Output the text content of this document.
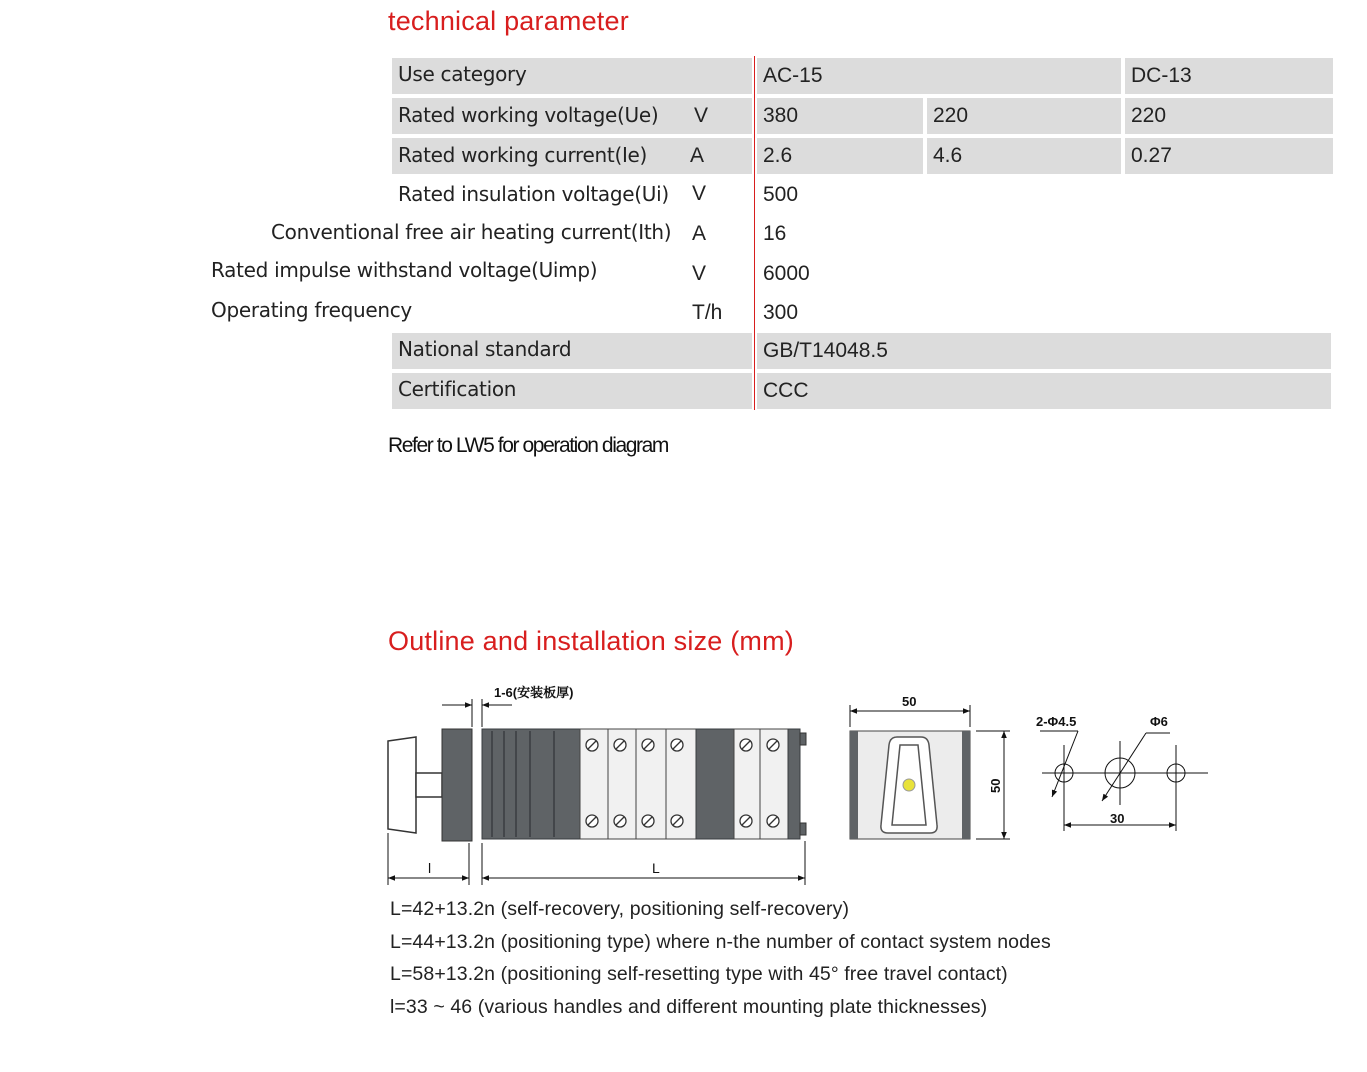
technical parameter
Use category	AC-15	DC-13
Rated working voltage(Ue)	V	380	220	220
Rated working current(Ie)	A	2.6	4.6	0.27
Rated insulation voltage(Ui) V	500
Conventional free air heating current(Ith) A	16
Rated impulse withstand voltage(Uimp)	V	6000
Operating frequency	T/h 300
National standard	GB/T14048.5
Certification	CCC
Refer to LW5 for operation diagram
Outline and installation size (mm)
1-6(安装板厚)
l	L
50
50
2-Φ4.5	Φ6
30
L=42+13.2n (self-recovery, positioning self-recovery)
L=44+13.2n (positioning type) where n-the number of contact system nodes
L=58+13.2n (positioning self-resetting type with 45° free travel contact)
l=33 ~ 46 (various handles and different mounting plate thicknesses)
